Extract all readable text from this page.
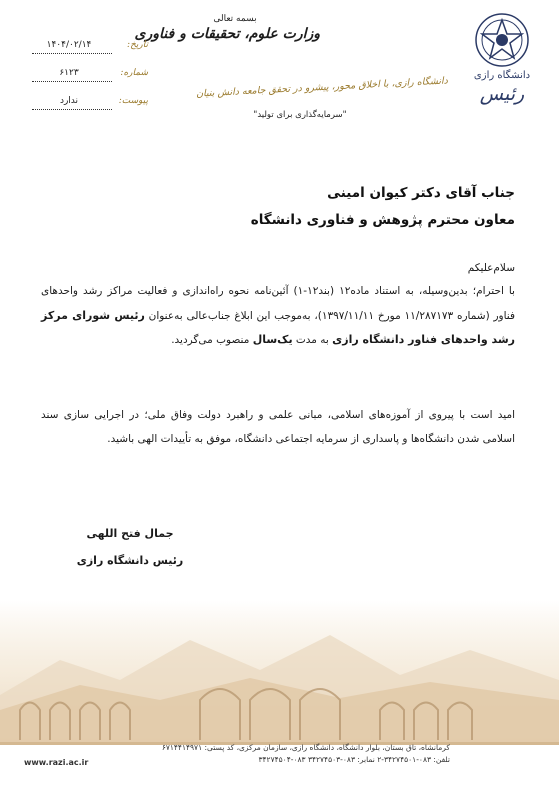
دانشگاه رازی
رئیس
بسمه تعالی
وزارت علوم، تحقیقات و فناوری
دانشگاه رازی، با اخلاق محور، پیشرو در تحقق جامعه دانش بنیان
"سرمایه‌گذاری برای تولید"
۱۴۰۴/۰۲/۱۴	تاریخ:
۶۱۲۳	شماره:
ندارد	پیوست:
جناب آقای دکتر کیوان امینی
معاون محترم پژوهش و فناوری دانشگاه
سلام‌علیکم

با احترام؛ بدین‌وسیله، به استناد ماده۱۲ (بند۱۲-۱) آئین‌نامه نحوه راه‌اندازی و فعالیت مراکز رشد واحدهای فناور (شماره ۱۱/۲۸۷۱۷۳ مورخ ۱۳۹۷/۱۱/۱۱)، به‌موجب این ابلاغ جناب‌عالی به‌عنوان رئیس شورای مرکز رشد واحدهای فناور دانشگاه رازی به مدت یک‌سال منصوب می‌گردید.

امید است با پیروی از آموزه‌های اسلامی، مبانی علمی و راهبرد دولت وفاق ملی؛ در اجرایی سازی سند اسلامی شدن دانشگاه‌ها و پاسداری از سرمایه اجتماعی دانشگاه، موفق به تأییدات الهی باشید.

جمال فتح اللهی
رئیس دانشگاه رازی
کرمانشاه، تاق بستان، بلوار دانشگاه، دانشگاه رازی، سازمان مرکزی، کد پستی: ۶۷۱۴۴۱۴۹۷۱
تلفن: ۰۸۳-۳۴۲۷۴۵۰۱-۲ نمابر: ۰۸۳-۳۴۲۷۴۵۰۳ ۰۸۳-۳۴۲۷۴۵۰۴
www.razi.ac.ir
